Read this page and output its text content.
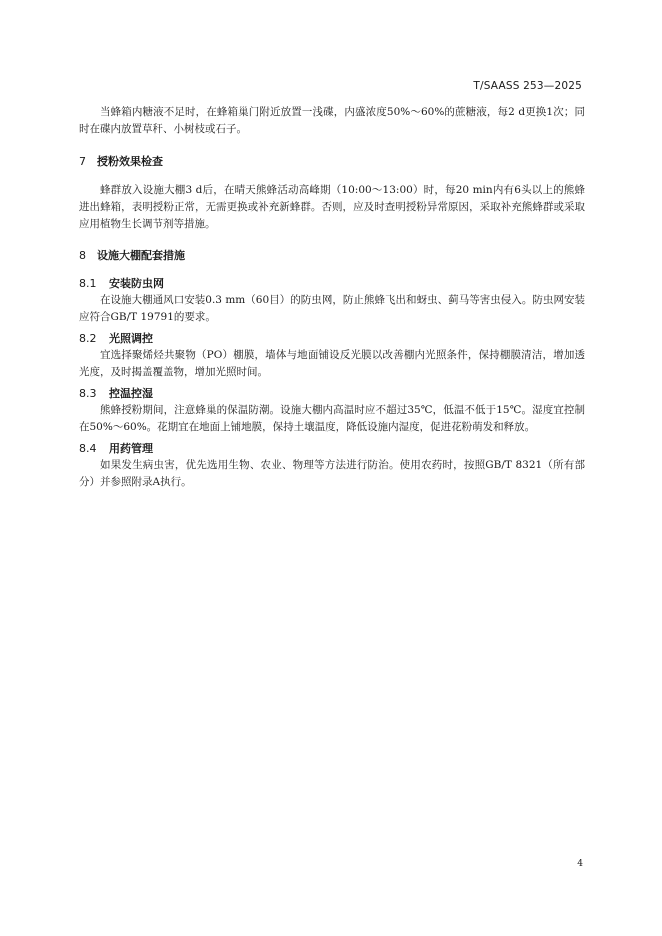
T/SAASS 253—2025

当蜂箱内糖液不足时，在蜂箱巢门附近放置一浅碟，内盛浓度50%～60%的蔗糖液，每2 d更换1次；同时在碟内放置草秆、小树枝或石子。

7 授粉效果检查

蜂群放入设施大棚3 d后，在晴天熊蜂活动高峰期（10:00～13:00）时，每20 min内有6头以上的熊蜂进出蜂箱，表明授粉正常，无需更换或补充新蜂群。否则，应及时查明授粉异常原因，采取补充熊蜂群或采取应用植物生长调节剂等措施。

8 设施大棚配套措施

8.1 安装防虫网

在设施大棚通风口安装0.3 mm（60目）的防虫网，防止熊蜂飞出和蚜虫、蓟马等害虫侵入。防虫网安装应符合GB/T 19791的要求。

8.2 光照调控

宜选择聚烯烃共聚物（PO）棚膜，墙体与地面铺设反光膜以改善棚内光照条件，保持棚膜清洁，增加透光度，及时揭盖覆盖物，增加光照时间。

8.3 控温控湿

熊蜂授粉期间，注意蜂巢的保温防潮。设施大棚内高温时应不超过35℃，低温不低于15℃。湿度宜控制在50%～60%。花期宜在地面上铺地膜，保持土壤温度，降低设施内湿度，促进花粉萌发和释放。

8.4 用药管理

如果发生病虫害，优先选用生物、农业、物理等方法进行防治。使用农药时，按照GB/T 8321（所有部分）并参照附录A执行。

4
